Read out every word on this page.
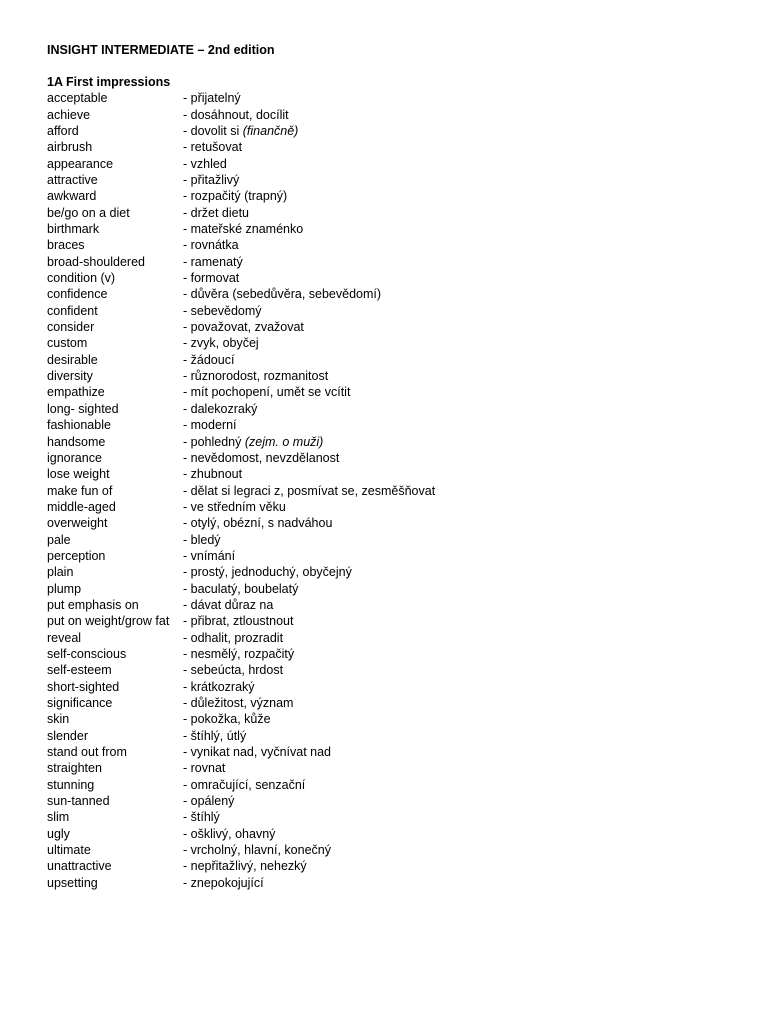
INSIGHT INTERMEDIATE – 2nd edition
1A First impressions
acceptable	- přijatelný
achieve	- dosáhnout, docílit
afford	- dovolit si (finančně)
airbrush	- retušovat
appearance	- vzhled
attractive	- přitažlivý
awkward	- rozpačitý (trapný)
be/go on a diet	- držet dietu
birthmark	- mateřské znaménko
braces	- rovnátka
broad-shouldered	- ramenatý
condition (v)	- formovat
confidence	- důvěra (sebedůvěra, sebevědomí)
confident	- sebevědomý
consider	- považovat, zvažovat
custom	- zvyk, obyčej
desirable	- žádoucí
diversity	- různorodost, rozmanitost
empathize	- mít pochopení, umět se vcítit
long- sighted	- dalekozraký
fashionable	- moderní
handsome	- pohledný (zejm. o muži)
ignorance	- nevědomost, nevzdělanost
lose weight	- zhubnout
make fun of	- dělat si legraci z, posmívat se, zesměšňovat
middle-aged	- ve středním věku
overweight	- otylý, obézní, s nadváhou
pale	- bledý
perception	- vnímání
plain	- prostý, jednoduchý, obyčejný
plump	- baculatý, boubelatý
put emphasis on	- dávat důraz na
put on weight/grow fat	- přibrat, ztloustnout
reveal	- odhalit, prozradit
self-conscious	- nesmělý, rozpačitý
self-esteem	- sebeúcta, hrdost
short-sighted	- krátkozraký
significance	- důležitost, význam
skin	- pokožka, kůže
slender	- štíhlý, útlý
stand out from	- vynikat nad, vyčnívat nad
straighten	- rovnat
stunning	- omračující, senzační
sun-tanned	- opálený
slim	- štíhlý
ugly	- ošklivý, ohavný
ultimate	- vrcholný, hlavní, konečný
unattractive	- nepřitažlivý, nehezký
upsetting	- znepokojující
